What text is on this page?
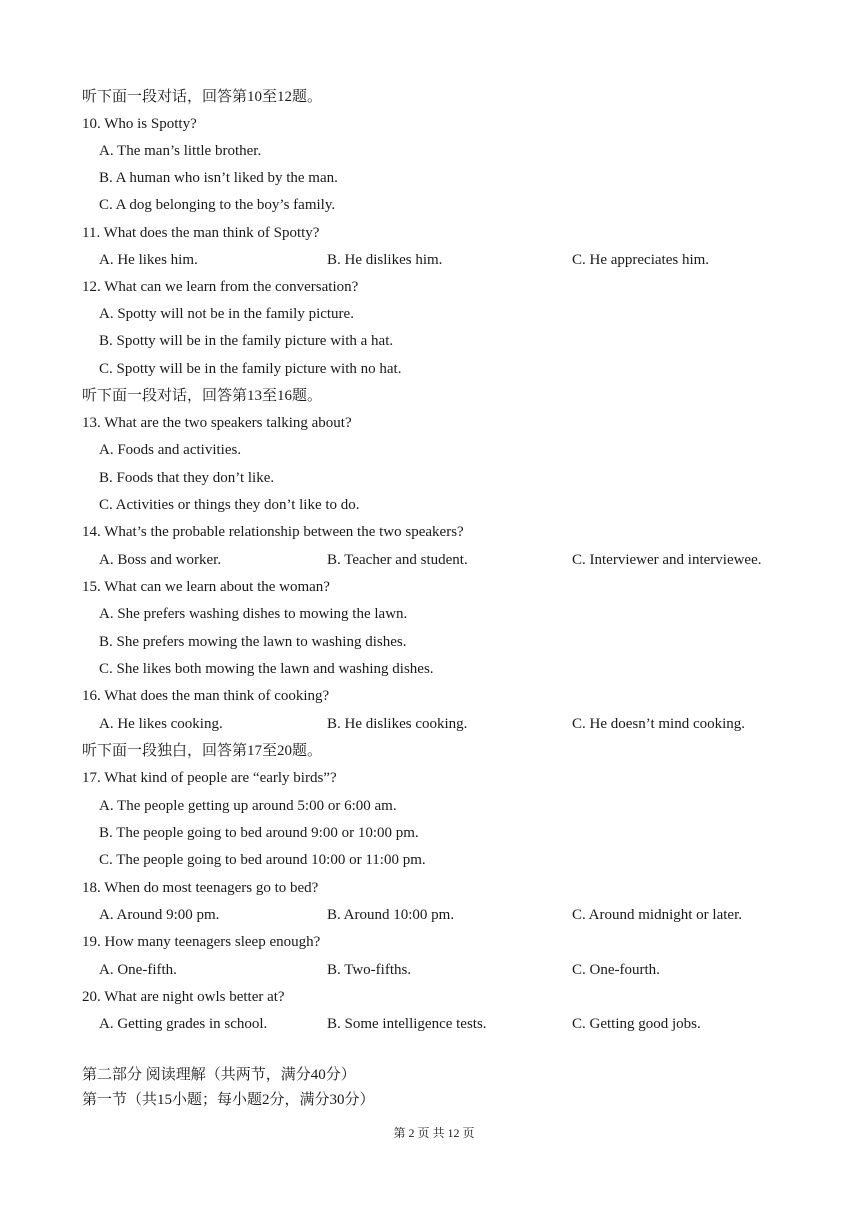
听下面一段对话，回答第10至12题。
10. Who is Spotty?
A. The man’s little brother.
B. A human who isn’t liked by the man.
C. A dog belonging to the boy’s family.
11. What does the man think of Spotty?
A. He likes him.	B. He dislikes him.	C. He appreciates him.
12. What can we learn from the conversation?
A. Spotty will not be in the family picture.
B. Spotty will be in the family picture with a hat.
C. Spotty will be in the family picture with no hat.
听下面一段对话，回答第13至16题。
13. What are the two speakers talking about?
A. Foods and activities.
B. Foods that they don’t like.
C. Activities or things they don’t like to do.
14. What’s the probable relationship between the two speakers?
A. Boss and worker.	B. Teacher and student.	C. Interviewer and interviewee.
15. What can we learn about the woman?
A. She prefers washing dishes to mowing the lawn.
B. She prefers mowing the lawn to washing dishes.
C. She likes both mowing the lawn and washing dishes.
16. What does the man think of cooking?
A. He likes cooking.	B. He dislikes cooking.	C. He doesn’t mind cooking.
听下面一段独白，回答第17至20题。
17. What kind of people are “early birds”?
A. The people getting up around 5:00 or 6:00 am.
B. The people going to bed around 9:00 or 10:00 pm.
C. The people going to bed around 10:00 or 11:00 pm.
18. When do most teenagers go to bed?
A. Around 9:00 pm.	B. Around 10:00 pm.	C. Around midnight or later.
19. How many teenagers sleep enough?
A. One-fifth.	B. Two-fifths.	C. One-fourth.
20. What are night owls better at?
A. Getting grades in school.	B. Some intelligence tests.	C. Getting good jobs.
第二部分 阅读理解（共两节，满分40分）
第一节（共15小题；每小题2分，满分30分）
第 2 页 共 12 页
